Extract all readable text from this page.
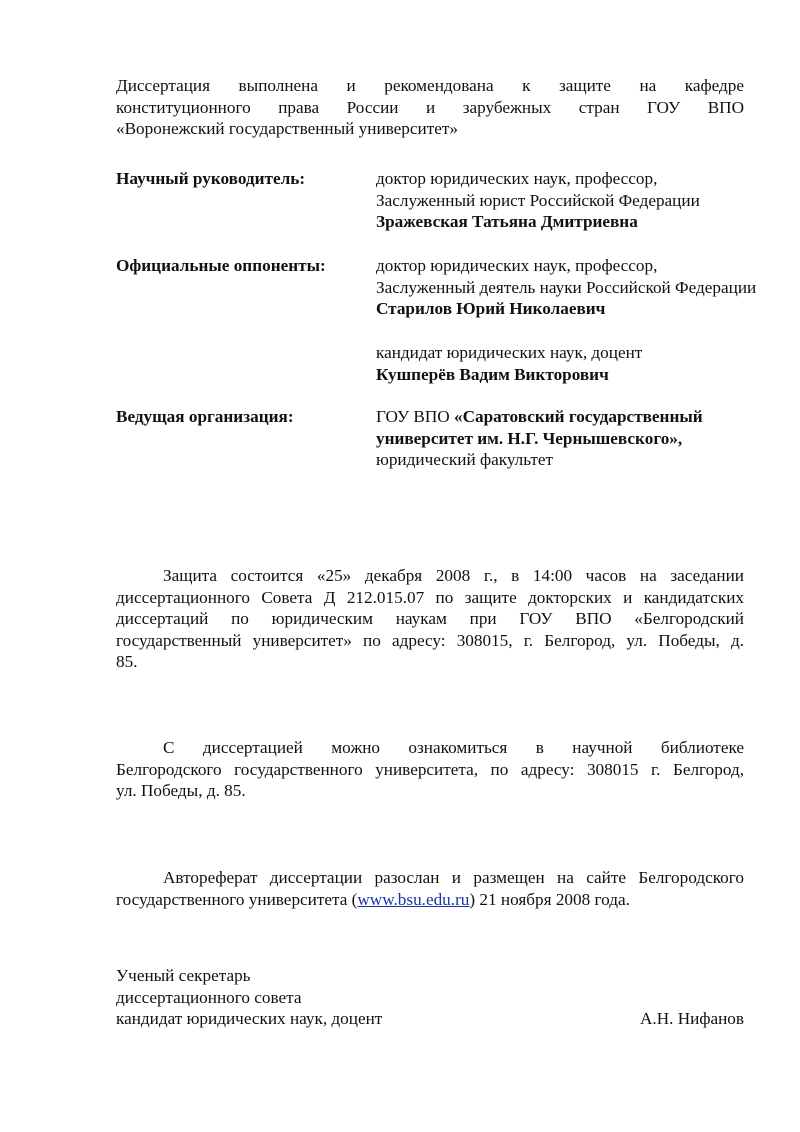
Диссертация выполнена и рекомендована к защите на кафедре
конституционного права России и зарубежных стран ГОУ ВПО
«Воронежский государственный университет»
Научный руководитель:	доктор юридических наук, профессор,
Заслуженный юрист Российской Федерации
Зражевская Татьяна Дмитриевна
Официальные оппоненты:	доктор юридических наук, профессор,
Заслуженный деятель науки Российской Федерации
Старилов Юрий Николаевич
кандидат юридических наук, доцент
Кушперёв Вадим Викторович
Ведущая организация:	ГОУ ВПО «Саратовский государственный
университет им. Н.Г. Чернышевского»,
юридический факультет
Защита состоится «25» декабря 2008 г., в 14:00 часов на заседании
диссертационного Совета Д 212.015.07 по защите докторских и кандидатских
диссертаций по юридическим наукам при ГОУ ВПО «Белгородский
государственный университет» по адресу: 308015, г. Белгород, ул. Победы, д.
85.
С диссертацией можно ознакомиться в научной библиотеке
Белгородского государственного университета, по адресу: 308015 г. Белгород,
ул. Победы, д. 85.
Автореферат диссертации разослан и размещен на сайте Белгородского
государственного университета (www.bsu.edu.ru) 21 ноября 2008 года.
Ученый секретарь
диссертационного совета
кандидат юридических наук, доцент	А.Н. Нифанов
